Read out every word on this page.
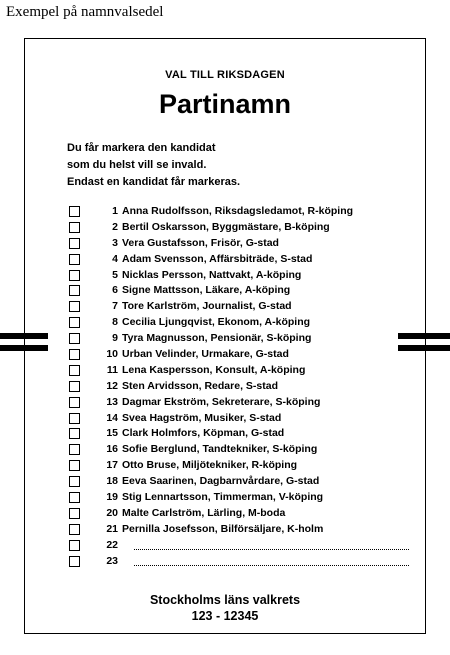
Exempel på namnvalsedel
VAL TILL RIKSDAGEN
Partinamn
Du får markera den kandidat
som du helst vill se invald.
Endast en kandidat får markeras.
1 Anna Rudolfsson, Riksdagsledamot, R-köping
2 Bertil Oskarsson, Byggmästare, B-köping
3 Vera Gustafsson, Frisör, G-stad
4 Adam Svensson, Affärsbiträde, S-stad
5 Nicklas Persson, Nattvakt, A-köping
6 Signe Mattsson, Läkare, A-köping
7 Tore Karlström, Journalist, G-stad
8 Cecilia Ljungqvist, Ekonom, A-köping
9 Tyra Magnusson, Pensionär, S-köping
10 Urban Velinder, Urmakare, G-stad
11 Lena Kaspersson, Konsult, A-köping
12 Sten Arvidsson, Redare, S-stad
13 Dagmar Ekström, Sekreterare, S-köping
14 Svea Hagström, Musiker, S-stad
15 Clark Holmfors, Köpman, G-stad
16 Sofie Berglund, Tandtekniker, S-köping
17 Otto Bruse, Miljötekniker, R-köping
18 Eeva Saarinen, Dagbarnvårdare, G-stad
19 Stig Lennartsson, Timmerman, V-köping
20 Malte Carlström, Lärling, M-boda
21 Pernilla Josefsson, Bilförsäljare, K-holm
22
23
Stockholms läns valkrets
123 - 12345
